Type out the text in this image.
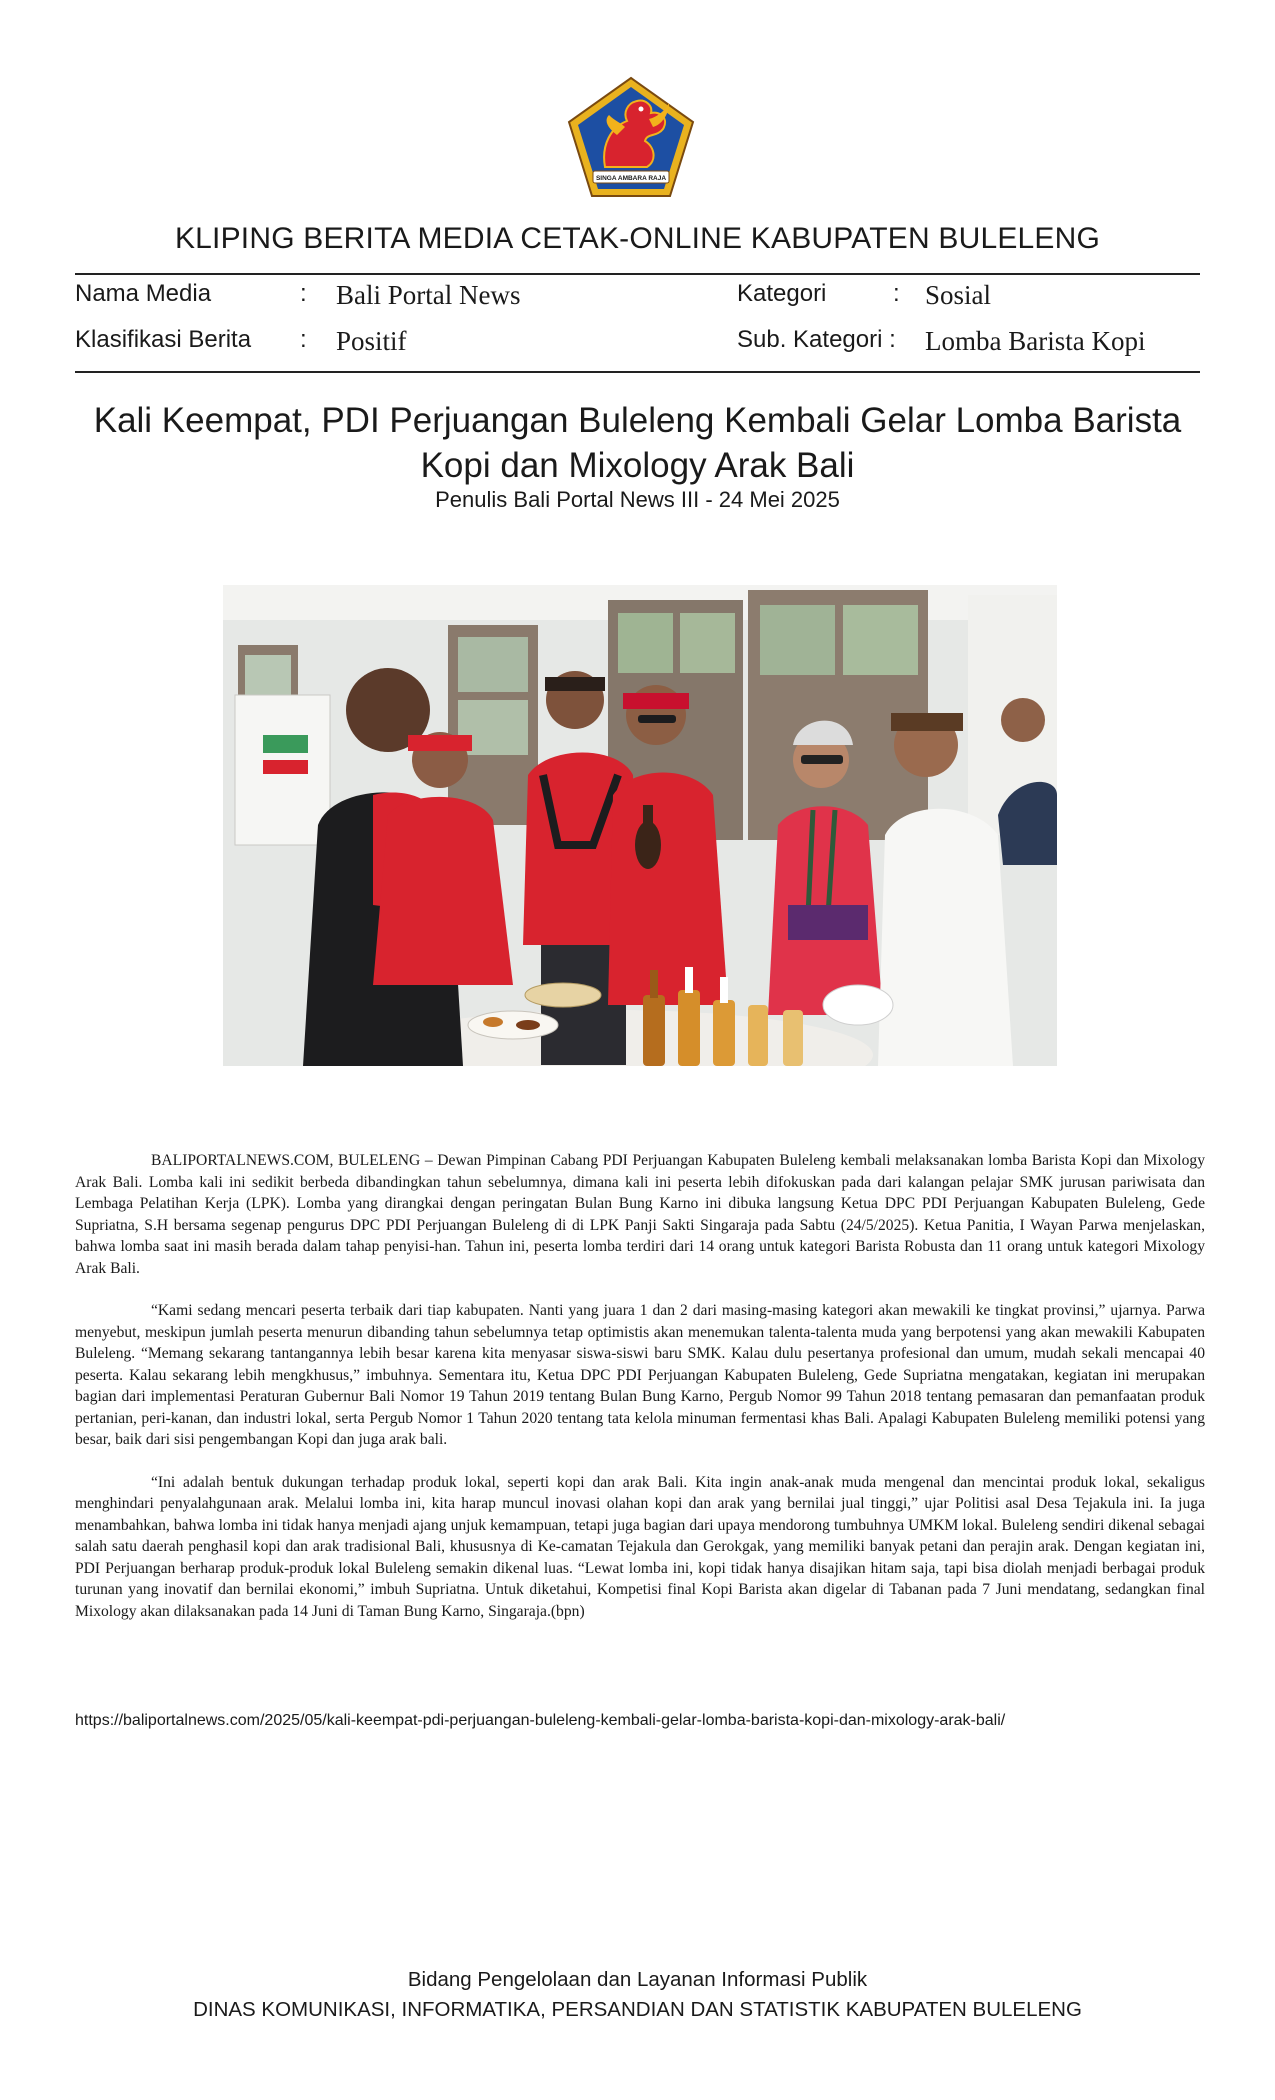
SINGA AMBARA RAJA
KLIPING BERITA MEDIA CETAK-ONLINE KABUPATEN BULELENG
Nama Media	: Bali Portal News	Kategori	: Sosial
Klasifikasi Berita : Positif	Sub. Kategori : Lomba Barista Kopi
Kali Keempat, PDI Perjuangan Buleleng Kembali Gelar Lomba Barista
Kopi dan Mixology Arak Bali
Penulis Bali Portal News III - 24 Mei 2025

BALIPORTALNEWS.COM, BULELENG – Dewan Pimpinan Cabang PDI Perjuangan Kabupaten Buleleng kembali melaksanakan lomba Barista Kopi dan Mixology Arak Bali. Lomba kali ini sedikit berbeda dibandingkan tahun sebelumnya, dimana kali ini peserta lebih difokuskan pada dari kalangan pelajar SMK jurusan pariwisata dan Lembaga Pelatihan Kerja (LPK). Lomba yang dirangkai dengan peringatan Bulan Bung Karno ini dibuka langsung Ketua DPC PDI Perjuangan Kabupaten Buleleng, Gede Supriatna, S.H bersama segenap pengurus DPC PDI Perjuangan Buleleng di di LPK Panji Sakti Singaraja pada Sabtu (24/5/2025). Ketua Panitia, I Wayan Parwa menjelaskan, bahwa lomba saat ini masih berada dalam tahap penyisi-han. Tahun ini, peserta lomba terdiri dari 14 orang untuk kategori Barista Robusta dan 11 orang untuk kategori Mixology Arak Bali.

“Kami sedang mencari peserta terbaik dari tiap kabupaten. Nanti yang juara 1 dan 2 dari masing-masing kategori akan mewakili ke tingkat provinsi,” ujarnya. Parwa menyebut, meskipun jumlah peserta menurun dibanding tahun sebelumnya tetap optimistis akan menemukan talenta-talenta muda yang berpotensi yang akan mewakili Kabupaten Buleleng. “Memang sekarang tantangannya lebih besar karena kita menyasar siswa-siswi baru SMK. Kalau dulu pesertanya profesional dan umum, mudah sekali mencapai 40 peserta. Kalau sekarang lebih mengkhusus,” imbuhnya. Sementara itu, Ketua DPC PDI Perjuangan Kabupaten Buleleng, Gede Supriatna mengatakan, kegiatan ini merupakan bagian dari implementasi Peraturan Gubernur Bali Nomor 19 Tahun 2019 tentang Bulan Bung Karno, Pergub Nomor 99 Tahun 2018 tentang pemasaran dan pemanfaatan produk pertanian, peri-kanan, dan industri lokal, serta Pergub Nomor 1 Tahun 2020 tentang tata kelola minuman fermentasi khas Bali. Apalagi Kabupaten Buleleng memiliki potensi yang besar, baik dari sisi pengembangan Kopi dan juga arak bali.

“Ini adalah bentuk dukungan terhadap produk lokal, seperti kopi dan arak Bali. Kita ingin anak-anak muda mengenal dan mencintai produk lokal, sekaligus menghindari penyalahgunaan arak. Melalui lomba ini, kita harap muncul inovasi olahan kopi dan arak yang bernilai jual tinggi,” ujar Politisi asal Desa Tejakula ini. Ia juga menambahkan, bahwa lomba ini tidak hanya menjadi ajang unjuk kemampuan, tetapi juga bagian dari upaya mendorong tumbuhnya UMKM lokal. Buleleng sendiri dikenal sebagai salah satu daerah penghasil kopi dan arak tradisional Bali, khususnya di Ke-camatan Tejakula dan Gerokgak, yang memiliki banyak petani dan perajin arak. Dengan kegiatan ini, PDI Perjuangan berharap produk-produk lokal Buleleng semakin dikenal luas. “Lewat lomba ini, kopi tidak hanya disajikan hitam saja, tapi bisa diolah menjadi berbagai produk turunan yang inovatif dan bernilai ekonomi,” imbuh Supriatna. Untuk diketahui, Kompetisi final Kopi Barista akan digelar di Tabanan pada 7 Juni mendatang, sedangkan final Mixology akan dilaksanakan pada 14 Juni di Taman Bung Karno, Singaraja.(bpn)

https://baliportalnews.com/2025/05/kali-keempat-pdi-perjuangan-buleleng-kembali-gelar-lomba-barista-kopi-dan-mixology-arak-bali/
Bidang Pengelolaan dan Layanan Informasi Publik
DINAS KOMUNIKASI, INFORMATIKA, PERSANDIAN DAN STATISTIK KABUPATEN BULELENG
